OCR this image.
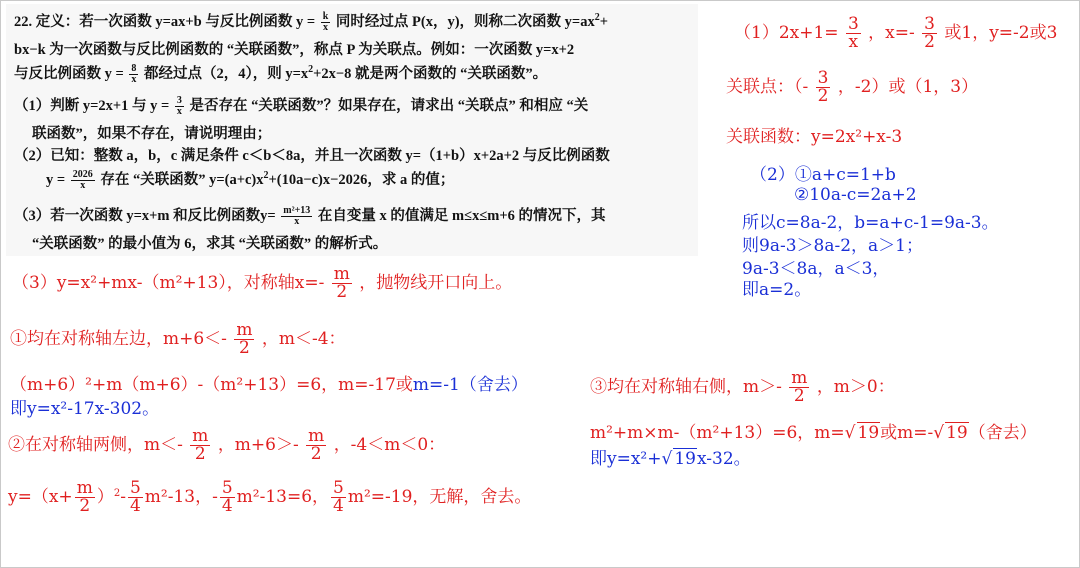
22. 定义：若一次函数 y=ax+b 与反比例函数 $y = \frac{k}{x}$ 同时经过点 P(x，y)，则称二次函数 $y=ax^2+$
bx−k 为一次函数与反比例函数的 “关联函数”，称点 P 为关联点。例如：一次函数 y=x+2
与反比例函数 $y = \frac{8}{x}$ 都经过点（2，4），则 $y=x^2+2x-8$ 就是两个函数的 “关联函数”。
（1）判断 y=2x+1 与 $y = \frac{3}{x}$ 是否存在 “关联函数”？如果存在，请求出 “关联点” 和相应 “关
联函数”，如果不存在，请说明理由；
（2）已知：整数 a，b，c 满足条件 c＜b＜8a，并且一次函数 y=（1+b）x+2a+2 与反比例函数
$y = \frac{2026}{x}$ 存在 “关联函数” $y=(a+c)x^2+(10a-c)x-2026$，求 a 的值；
（3）若一次函数 y=x+m 和反比例函数$y= \frac{\text{m²+13}}{x}$ 在自变量 x 的值满足 m≤x≤m+6 的情况下，其
“关联函数” 的最小值为 6，求其 “关联函数” 的解析式。
$(1)2x+1= \frac{3}{x}$ ，$x=- \frac{3}{2}$ 或1，y=-2或3
关联点：（- $\frac{3}{2}$ ，-2）或（1，3）
关联函数：y=2x²+x-3
（2）①a+c=1+b
②10a-c=2a+2
所以c=8a-2，b=a+c-1=9a-3。
则9a-3＞8a-2，a＞1；
9a-3＜8a，a＜3，
即a=2。
（3）y=x²+mx-（m²+13），对称轴$x=- \frac{m}{2}$ ，抛物线开口向上。
①均在对称轴左边，$m+6<- \frac{m}{2}$ ，m＜-4：
（m+6）²+m（m+6）-（m²+13）=6，m=-17或m=-1（舍去）
即y=x²-17x-302。
②在对称轴两侧，$m<- \frac{m}{2}$ ，$m+6>- \frac{m}{2}$ ，-4＜m＜0：
$y=(x+ \frac{m}{2} )^2- \frac{5}{4} m^2-13$，- $\frac{5}{4} m^2-13=6$， $\frac{5}{4} m^2=-19$，无解，舍去。
③均在对称轴右侧，$m>- \frac{m}{2}$ ，m＞0：
m²+m×m-（m²+13）=6，m=√ 19或m=-√ 19（舍去）
即y=x²+√ 19x-32。
